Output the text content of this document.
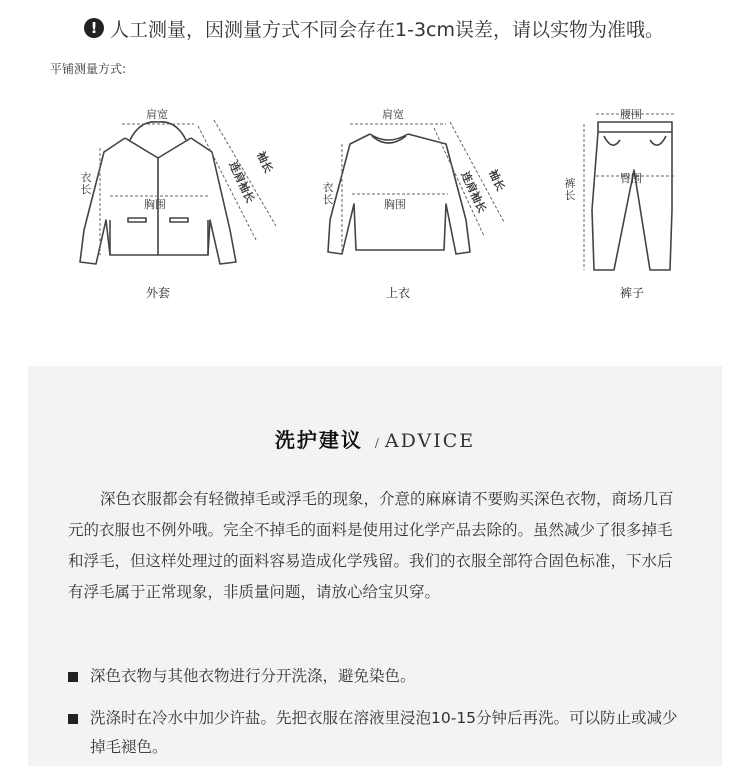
! 人工测量，因测量方式不同会存在1-3cm误差，请以实物为准哦。
平铺测量方式:
肩宽
衣长
胸围	连肩袖长
袖长
外套
肩宽
衣长	胸围	连肩袖长
袖长
上衣
腰围
臀围
裤长
裤子
洗护建议 / ADVICE

深色衣服都会有轻微掉毛或浮毛的现象，介意的麻麻请不要购买深色衣物，商场几百元的衣服也不例外哦。完全不掉毛的面料是使用过化学产品去除的。虽然减少了很多掉毛和浮毛，但这样处理过的面料容易造成化学残留。我们的衣服全部符合固色标准，下水后有浮毛属于正常现象，非质量问题，请放心给宝贝穿。

深色衣物与其他衣物进行分开洗涤，避免染色。
洗涤时在冷水中加少许盐。先把衣服在溶液里浸泡10-15分钟后再洗。可以防止或减少掉毛褪色。
